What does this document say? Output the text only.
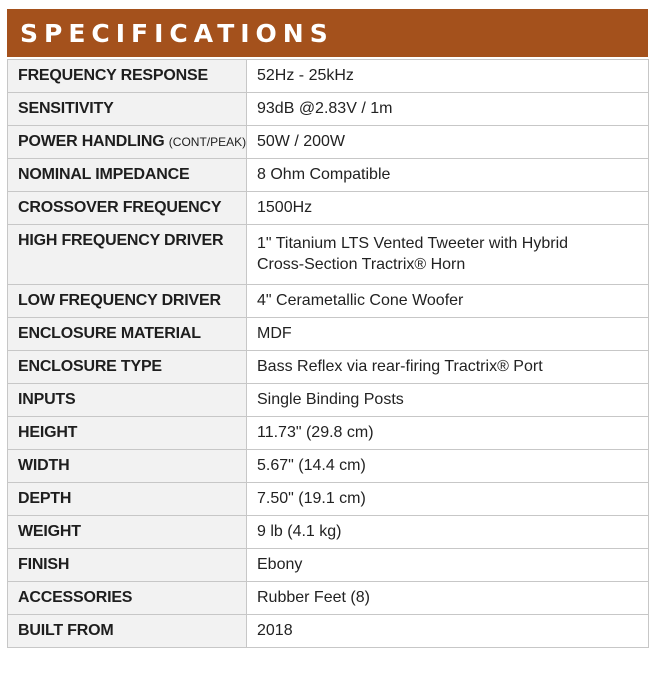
SPECIFICATIONS
FREQUENCY RESPONSE	52Hz - 25kHz
SENSITIVITY	93dB @2.83V / 1m
POWER HANDLING (CONT/PEAK)	50W / 200W
NOMINAL IMPEDANCE	8 Ohm Compatible
CROSSOVER FREQUENCY	1500Hz
HIGH FREQUENCY DRIVER	1" Titanium LTS Vented Tweeter with Hybrid
Cross-Section Tractrix® Horn

LOW FREQUENCY DRIVER	4" Cerametallic Cone Woofer
ENCLOSURE MATERIAL	MDF
ENCLOSURE TYPE	Bass Reflex via rear-firing Tractrix® Port
INPUTS	Single Binding Posts
HEIGHT	11.73" (29.8 cm)
WIDTH	5.67" (14.4 cm)
DEPTH	7.50" (19.1 cm)
WEIGHT	9 lb (4.1 kg)
FINISH	Ebony
ACCESSORIES	Rubber Feet (8)
BUILT FROM	2018
